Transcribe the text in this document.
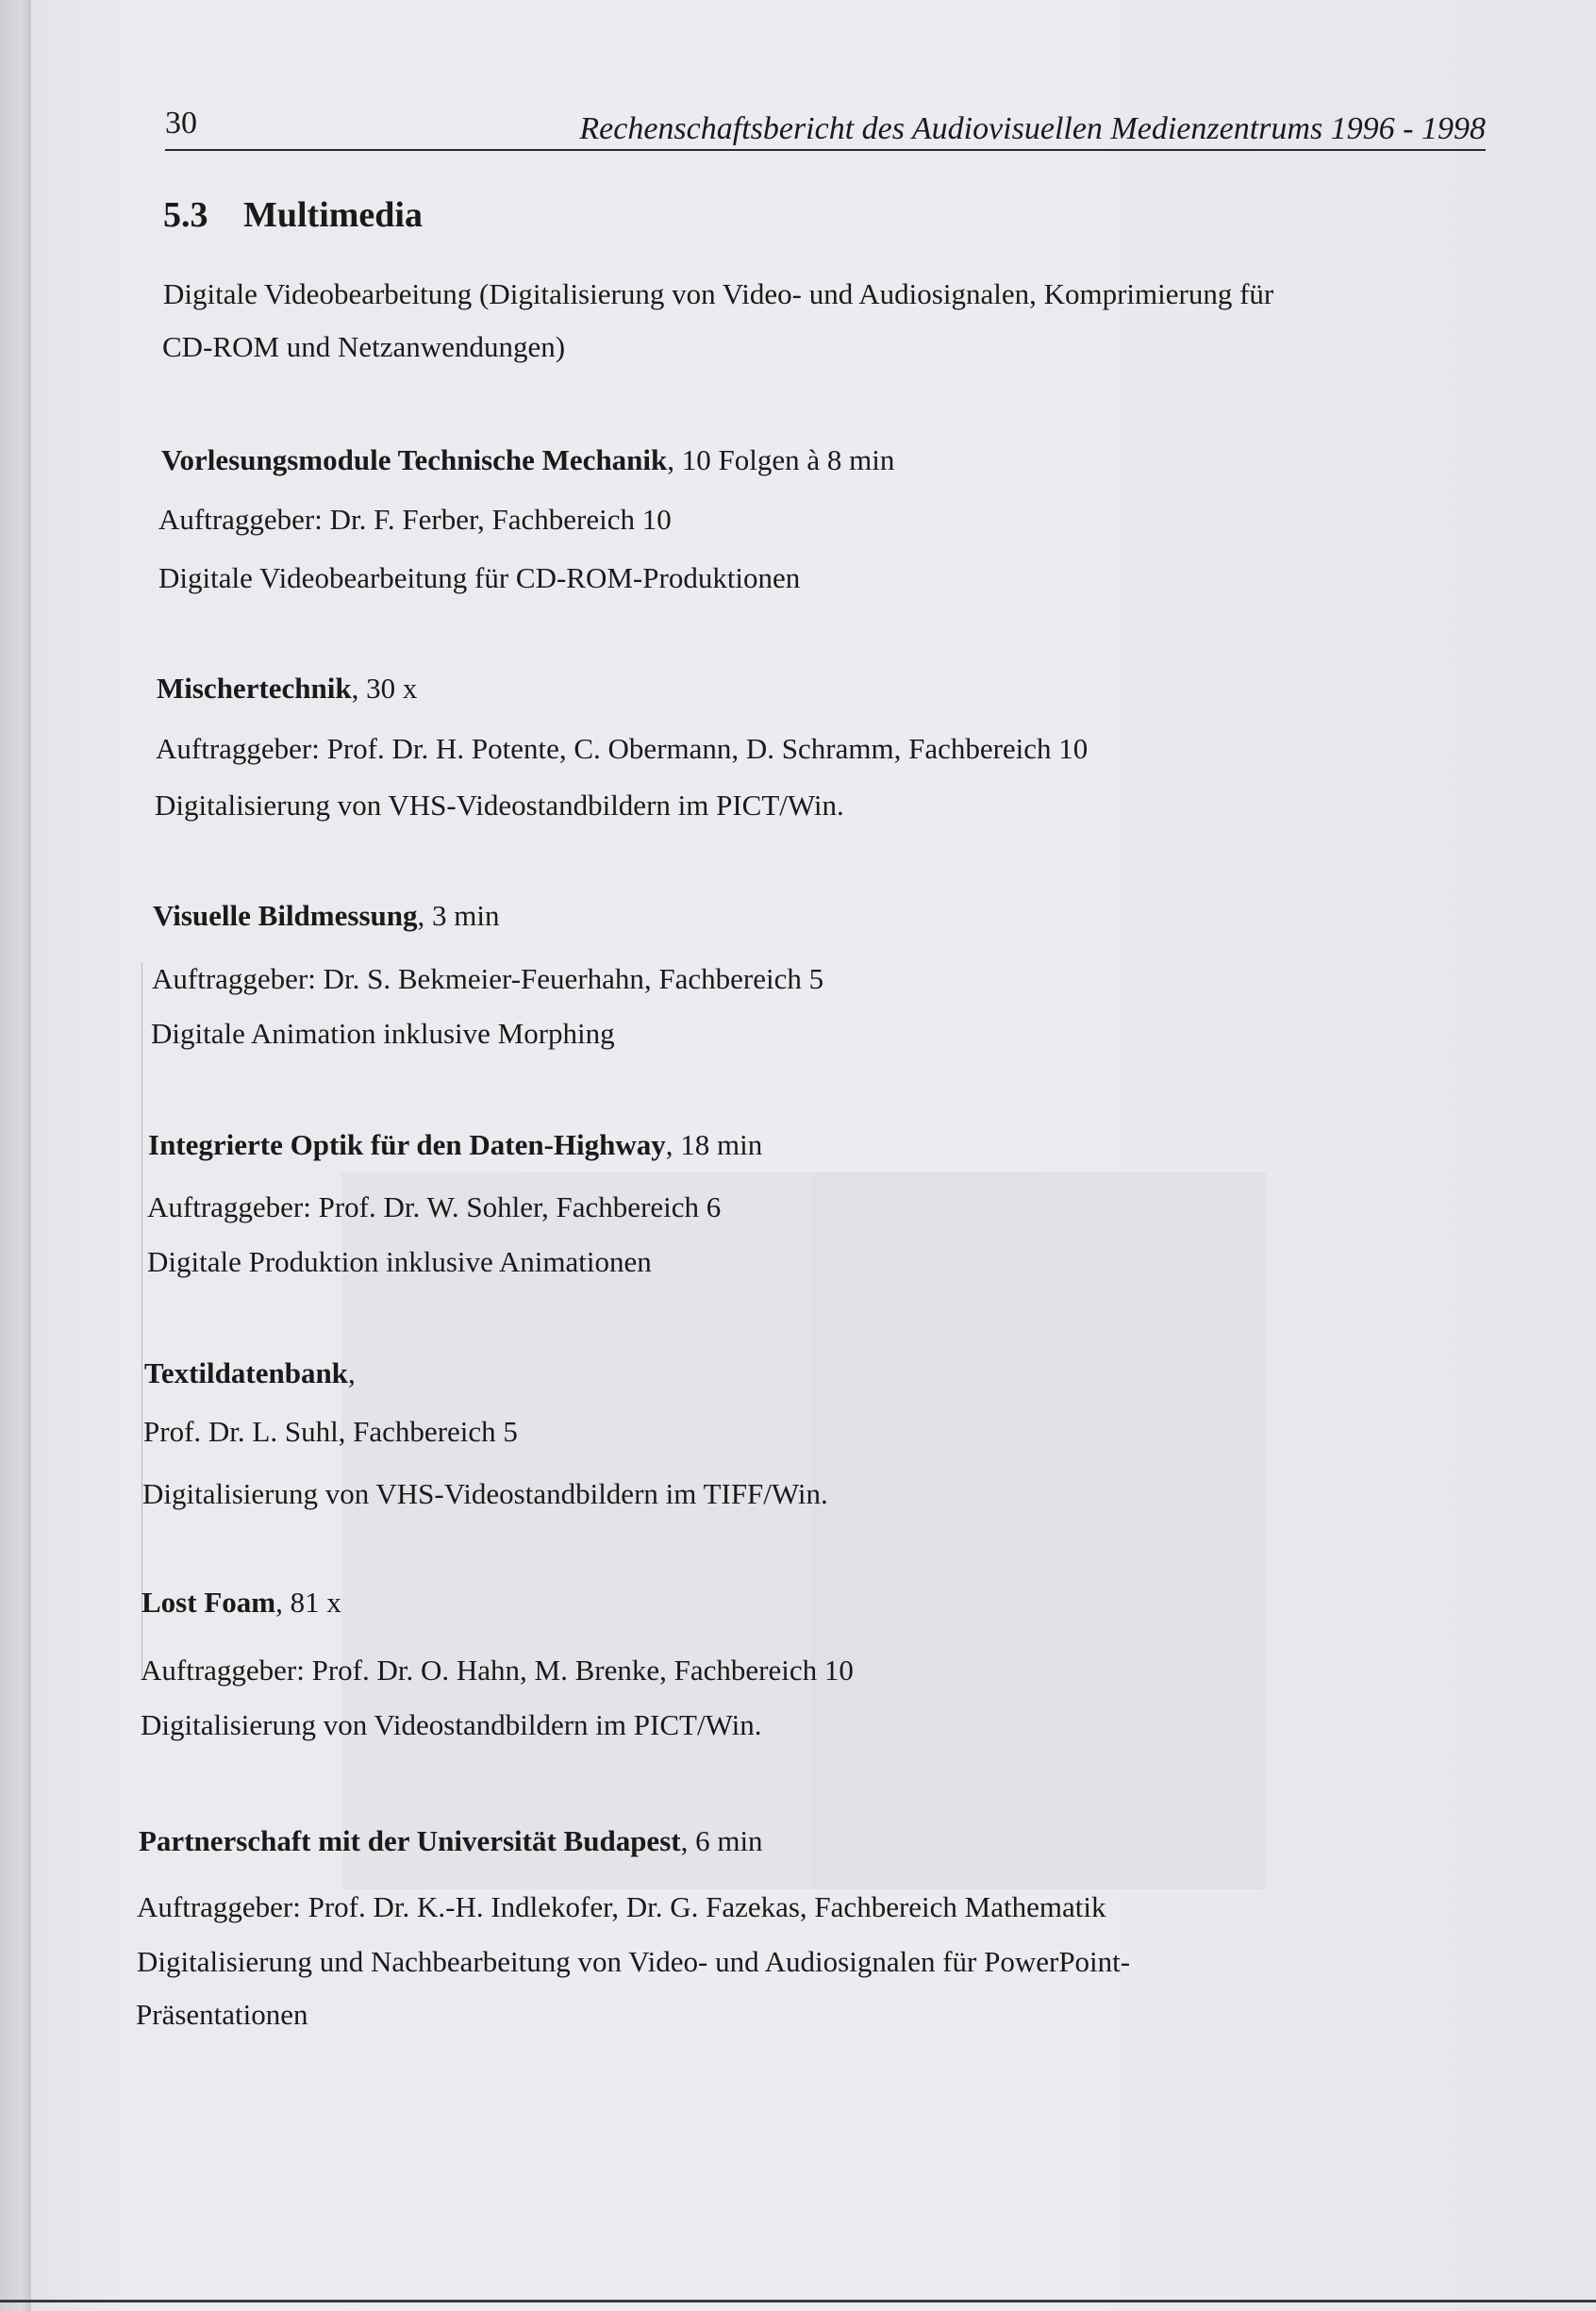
30	Rechenschaftsbericht des Audiovisuellen Medienzentrums 1996 - 1998
5.3 Multimedia
Digitale Videobearbeitung (Digitalisierung von Video- und Audiosignalen, Komprimierung für
CD-ROM und Netzanwendungen)
Vorlesungsmodule Technische Mechanik, 10 Folgen à 8 min
Auftraggeber: Dr. F. Ferber, Fachbereich 10
Digitale Videobearbeitung für CD-ROM-Produktionen
Mischertechnik, 30 x
Auftraggeber: Prof. Dr. H. Potente, C. Obermann, D. Schramm, Fachbereich 10
Digitalisierung von VHS-Videostandbildern im PICT/Win.
Visuelle Bildmessung, 3 min
Auftraggeber: Dr. S. Bekmeier-Feuerhahn, Fachbereich 5
Digitale Animation inklusive Morphing
Integrierte Optik für den Daten-Highway, 18 min
Auftraggeber: Prof. Dr. W. Sohler, Fachbereich 6
Digitale Produktion inklusive Animationen
Textildatenbank,
Prof. Dr. L. Suhl, Fachbereich 5
Digitalisierung von VHS-Videostandbildern im TIFF/Win.
Lost Foam, 81 x
Auftraggeber: Prof. Dr. O. Hahn, M. Brenke, Fachbereich 10
Digitalisierung von Videostandbildern im PICT/Win.
Partnerschaft mit der Universität Budapest, 6 min
Auftraggeber: Prof. Dr. K.-H. Indlekofer, Dr. G. Fazekas, Fachbereich Mathematik
Digitalisierung und Nachbearbeitung von Video- und Audiosignalen für PowerPoint-
Präsentationen
